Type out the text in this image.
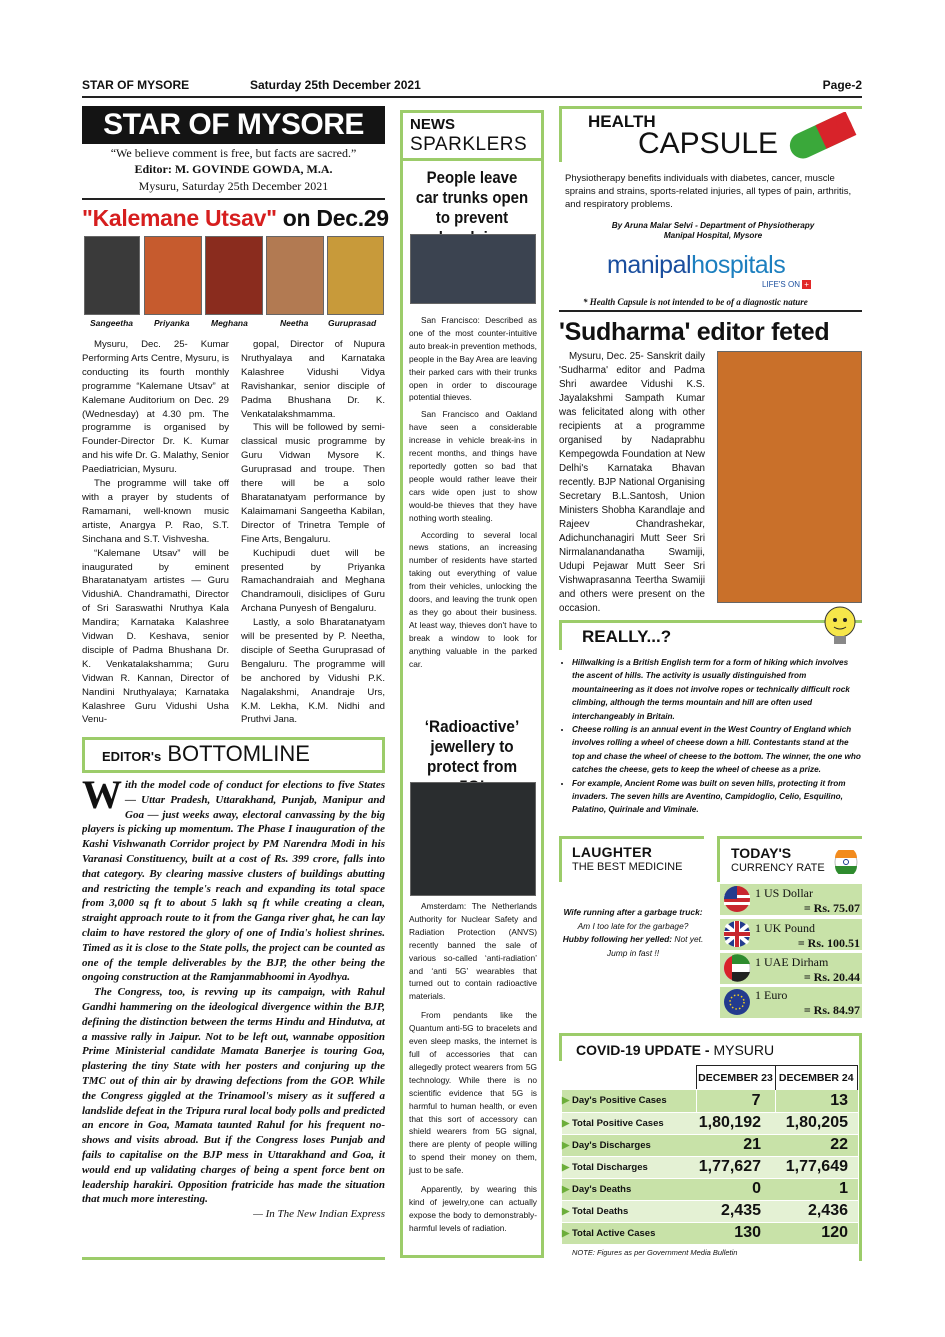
STAR OF MYSORE	Saturday 25th December 2021	Page-2
STAR OF MYSORE
“We believe comment is free, but facts are sacred.”
Editor: M. GOVINDE GOWDA, M.A.
Mysuru, Saturday 25th December 2021
"Kalemane Utsav" on Dec.29
Sangeetha Priyanka	Meghana	Neetha Guruprasad

Mysuru, Dec. 25- Kumar Performing Arts Centre, Mysuru, is conducting its fourth monthly programme “Kalemane Utsav” at Kalemane Auditorium on Dec. 29 (Wednesday) at 4.30 pm. The programme is organised by Founder-Director Dr. K. Kumar and his wife Dr. G. Malathy, Senior Paediatrician, Mysuru.

The programme will take off with a prayer by students of Ramamani, well-known music artiste, Anargya P. Rao, S.T. Sinchana and S.T. Vishvesha.

“Kalemane Utsav” will be inaugurated by eminent Bharatanatyam artistes — Guru VidushiA. Chandramathi, Director of Sri Saraswathi Nruthya Kala Mandira; Karnataka Kalashree Vidwan D. Keshava, senior disciple of Padma Bhushana Dr. K. Venkatalakshamma; Guru Vidwan R. Kannan, Director of Nandini Nruthyalaya; Karnataka Kalashree Guru Vidushi Usha Venu-

gopal, Director of Nupura Nruthyalaya and Karnataka Kalashree Vidushi Vidya Ravishankar, senior disciple of Padma Bhushana Dr. K. Venkatalakshmamma.

This will be followed by semi-classical music programme by Guru Vidwan Mysore K. Guruprasad and troupe. Then there will be a solo Bharatanatyam performance by Kalaimamani Sangeetha Kabilan, Director of Trinetra Temple of Fine Arts, Bengaluru.

Kuchipudi duet will be presented by Priyanka Ramachandraiah and Meghana Chandramouli, disiclipes of Guru Archana Punyesh of Bengaluru.

Lastly, a solo Bharatanatyam will be presented by P. Neetha, disciple of Seetha Guruprasad of Bengaluru. The programme will be anchored by Vidushi P.K. Nagalakshmi, Anandraje Urs, K.M. Lekha, K.M. Nidhi and Pruthvi Jana.

EDITOR's BOTTOMLINE
With the model code of conduct for elections to five States — Uttar Pradesh, Uttarakhand, Punjab, Manipur and Goa — just weeks away, electoral canvassing by the big players is picking up momentum. The Phase I inauguration of the Kashi Vishwanath Corridor project by PM Narendra Modi in his Varanasi Constituency, built at a cost of Rs. 399 crore, falls into that category. By clearing massive clusters of buildings abutting and restricting the temple's reach and expanding its total space from 3,000 sq ft to about 5 lakh sq ft while creating a clean, straight approach route to it from the Ganga river ghat, he can lay claim to have restored the glory of one of India's holiest shrines. Timed as it is close to the State polls, the project can be counted as one of the temple deliverables by the BJP, the other being the ongoing construction at the Ramjanmabhoomi in Ayodhya.
The Congress, too, is revving up its campaign, with Rahul Gandhi hammering on the ideological divergence within the BJP, defining the distinction between the terms Hindu and Hindutva, at a massive rally in Jaipur. Not to be left out, wannabe opposition Prime Ministerial candidate Mamata Banerjee is touring Goa, plastering the tiny State with her posters and conjuring up the TMC out of thin air by drawing defections from the GOP. While the Congress giggled at the Trinamool's misery as it suffered a landslide defeat in the Tripura rural local body polls and predicted an encore in Goa, Mamata taunted Rahul for his frequent no-shows and visits abroad. But if the Congress loses Punjab and fails to capitalise on the BJP mess in Uttarakhand and Goa, it would end up validating charges of being a spent force bent on leadership harakiri. Opposition fratricide has made the situation that much more interesting.
— In The New Indian Express
NEWS
SPARKLERS
People leave car trunks open to prevent

San Francisco: Described as one of the most counter-intuitive auto break-in prevention methods, people in the Bay Area are leaving their parked cars with their trunks open in order to discourage potential thieves.

San Francisco and Oakland have seen a considerable increase in vehicle break-ins in recent months, and things have reportedly gotten so bad that people would rather leave their cars wide open just to show would-be thieves that they have nothing worth stealing.

According to several local news stations, an increasing number of residents have started taking out everything of value from their vehicles, unlocking the doors, and leaving the trunk open as they go about their business. At least way, thieves don't have to break a window to look for anything valuable in the parked car.

‘Radioactive’ jewellery to protect from

Amsterdam: The Netherlands Authority for Nuclear Safety and Radiation Protection (ANVS) recently banned the sale of various so-called ‘anti-radiation’ and ‘anti 5G’ wearables that turned out to contain radioactive materials.

From pendants like the Quantum anti-5G to bracelets and even sleep masks, the internet is full of accessories that can allegedly protect wearers from 5G technology. While there is no scientific evidence that 5G is harmful to human health, or even that this sort of accessory can shield wearers from 5G signal, there are plenty of people willing to spend their money on them, just to be safe.

Apparently, by wearing this kind of jewelry,one can actually expose the body to demonstrably-harmful levels of radiation.

HEALTH
CAPSULE
Physiotherapy benefits individuals with diabetes, cancer, muscle sprains and strains, sports-related injuries, all types of pain, arthritis, and respiratory problems.
By Aruna Malar Selvi - Department of Physiotherapy
Manipal Hospital, Mysore
manipalhospitals
LIFE'S ON +
* Health Capsule is not intended to be of a diagnostic nature
'Sudharma' editor feted
Mysuru, Dec. 25- Sanskrit daily 'Sudharma' editor and Padma Shri awardee Vidushi K.S. Jayalakshmi Sampath Kumar was felicitated along with other recipients at a programme organised by Nadaprabhu Kempegowda Foundation at New Delhi's Karnataka Bhavan recently. BJP National Organising Secretary B.L.Santosh, Union Ministers Shobha Karandlaje and Rajeev Chandrashekar, Adichunchanagiri Mutt Seer Sri Nirmalanandanatha Swamiji, Udupi Pejawar Mutt Seer Sri Vishwaprasanna Teertha Swamiji and others were present on the occasion.
REALLY...?
• Hillwalking is a British English term for a form of hiking which involves the ascent of hills. The activity is usually distinguished from mountaineering as it does not involve ropes or technically difficult rock climbing, although the terms mountain and hill are often used interchangeably in Britain.
• Cheese rolling is an annual event in the West Country of England which involves rolling a wheel of cheese down a hill. Contestants stand at the top and chase the wheel of cheese to the bottom. The winner, the one who catches the cheese, gets to keep the wheel of cheese as a prize.
• For example, Ancient Rome was built on seven hills, protecting it from invaders. The seven hills are Aventino, Campidoglio, Celio, Esquilino, Palatino, Quirinale and Viminale.
LAUGHTER
THE BEST MEDICINE
Wife running after a garbage truck: Am I too late for the garbage?
Hubby following her yelled: Not yet. Jump in fast !!
TODAY'S
CURRENCY RATE
1 US Dollar
= Rs. 75.07
1 UK Pound
= Rs. 100.51
1 UAE Dirham
= Rs. 20.44
1 Euro
= Rs. 84.97
COVID-19 UPDATE - MYSURU
	DECEMBER 23	DECEMBER 24
▶ Day's Positive Cases	7	13
▶ Total Positive Cases	1,80,192	1,80,205
▶ Day's Discharges	21	22
▶ Total Discharges	1,77,627	1,77,649
▶ Day's Deaths	0	1
▶ Total Deaths	2,435	2,436
▶ Total Active Cases	130	120
NOTE: Figures as per Government Media Bulletin
